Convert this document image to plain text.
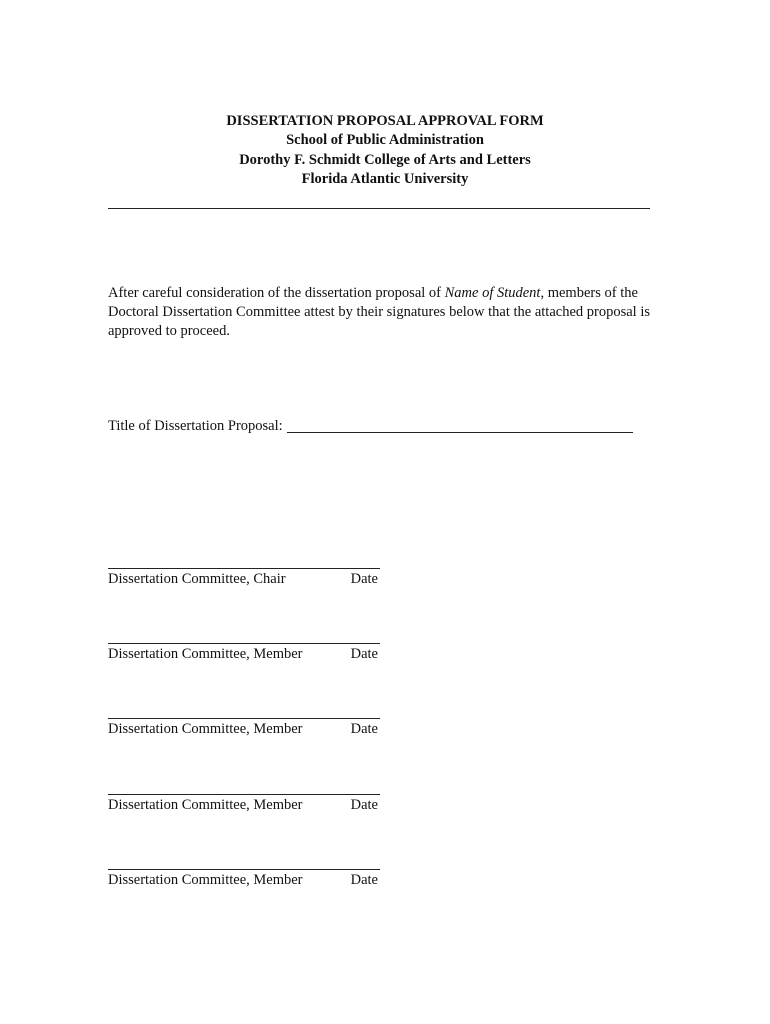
DISSERTATION PROPOSAL APPROVAL FORM
School of Public Administration
Dorothy F. Schmidt College of Arts and Letters
Florida Atlantic University
After careful consideration of the dissertation proposal of Name of Student, members of the Doctoral Dissertation Committee attest by their signatures below that the attached proposal is approved to proceed.
Title of Dissertation Proposal:
Dissertation Committee, Chair	Date
Dissertation Committee, Member	Date
Dissertation Committee, Member	Date
Dissertation Committee, Member	Date
Dissertation Committee, Member	Date
